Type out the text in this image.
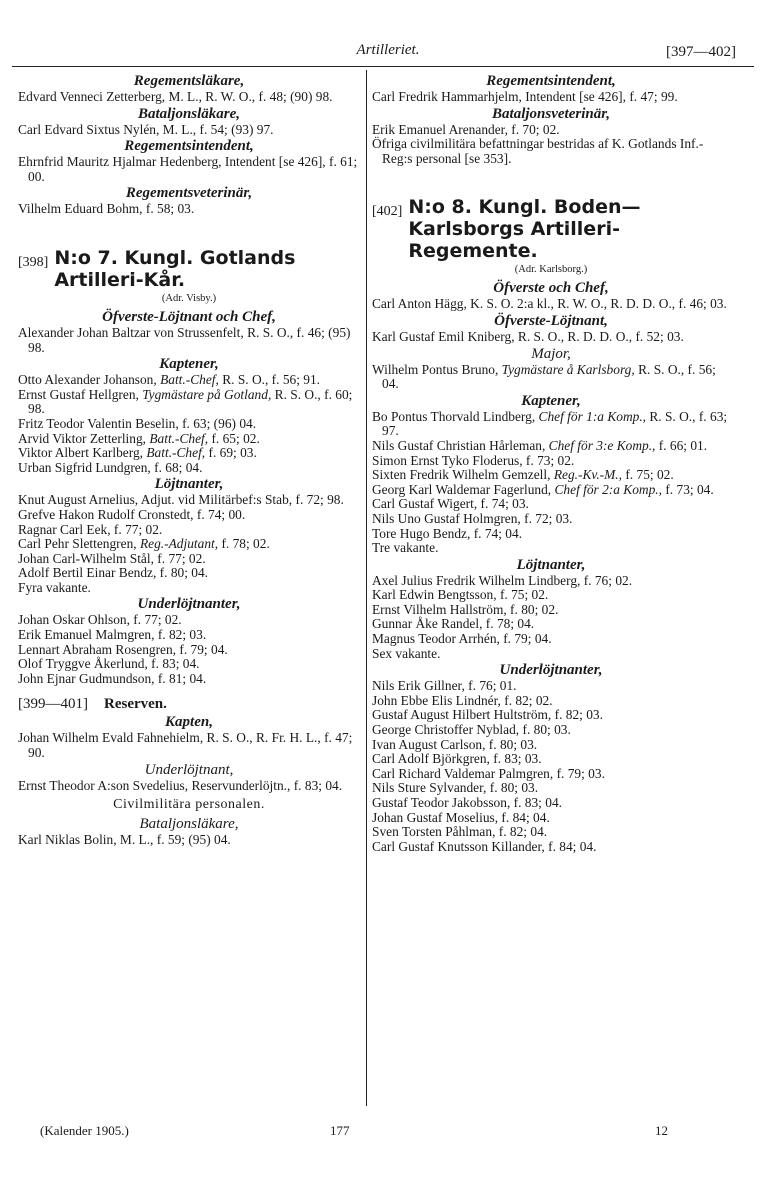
Artilleriet.	[397—402]
Regementsläkare,
Edvard Venneci Zetterberg, M. L., R. W. O., f. 48; (90) 98.
Bataljonsläkare,
Carl Edvard Sixtus Nylén, M. L., f. 54; (93) 97.
Regementsintendent,
Ehrnfrid Mauritz Hjalmar Hedenberg, Intendent [se 426], f. 61; 00.
Regementsveterinär,
Vilhelm Eduard Bohm, f. 58; 03.
[398] N:o 7. Kungl. Gotlands Artilleri-Kår.
(Adr. Visby.)
Öfverste-Löjtnant och Chef,
Alexander Johan Baltzar von Strussenfelt, R. S. O., f. 46; (95) 98.
Kaptener,
Otto Alexander Johanson, Batt.-Chef, R. S. O., f. 56; 91.
Ernst Gustaf Hellgren, Tygmästare på Gotland, R. S. O., f. 60; 98.
Fritz Teodor Valentin Beselin, f. 63; (96) 04.
Arvid Viktor Zetterling, Batt.-Chef, f. 65; 02.
Viktor Albert Karlberg, Batt.-Chef, f. 69; 03.
Urban Sigfrid Lundgren, f. 68; 04.
Löjtnanter,
Knut August Arnelius, Adjut. vid Militärbef:s Stab, f. 72; 98.
Grefve Hakon Rudolf Cronstedt, f. 74; 00.
Ragnar Carl Eek, f. 77; 02.
Carl Pehr Slettengren, Reg.-Adjutant, f. 78; 02.
Johan Carl-Wilhelm Stål, f. 77; 02.
Adolf Bertil Einar Bendz, f. 80; 04.
Fyra vakante.
Underlöjtnanter,
Johan Oskar Ohlson, f. 77; 02.
Erik Emanuel Malmgren, f. 82; 03.
Lennart Abraham Rosengren, f. 79; 04.
Olof Tryggve Åkerlund, f. 83; 04.
John Ejnar Gudmundson, f. 81; 04.
[399—401] Reserven.
Kapten,
Johan Wilhelm Evald Fahnehielm, R. S. O., R. Fr. H. L., f. 47; 90.
Underlöjtnant,
Ernst Theodor A:son Svedelius, Reservunderlöjtn., f. 83; 04.
Civilmilitära personalen.
Bataljonsläkare,
Karl Niklas Bolin, M. L., f. 59; (95) 04.
Regementsintendent,
Carl Fredrik Hammarhjelm, Intendent [se 426], f. 47; 99.
Bataljonsveterinär,
Erik Emanuel Arenander, f. 70; 02.
Öfriga civilmilitära befattningar bestridas af K. Gotlands Inf.-Reg:s personal [se 353].
[402] N:o 8. Kungl. Boden—Karlsborgs Artilleri-Regemente.
(Adr. Karlsborg.)
Öfverste och Chef,
Carl Anton Hägg, K. S. O. 2:a kl., R. W. O., R. D. D. O., f. 46; 03.
Öfverste-Löjtnant,
Karl Gustaf Emil Kniberg, R. S. O., R. D. D. O., f. 52; 03.
Major,
Wilhelm Pontus Bruno, Tygmästare å Karlsborg, R. S. O., f. 56; 04.
Kaptener,
Bo Pontus Thorvald Lindberg, Chef för 1:a Komp., R. S. O., f. 63; 97.
Nils Gustaf Christian Hårleman, Chef för 3:e Komp., f. 66; 01.
Simon Ernst Tyko Floderus, f. 73; 02.
Sixten Fredrik Wilhelm Gemzell, Reg.-Kv.-M., f. 75; 02.
Georg Karl Waldemar Fagerlund, Chef för 2:a Komp., f. 73; 04.
Carl Gustaf Wigert, f. 74; 03.
Nils Uno Gustaf Holmgren, f. 72; 03.
Tore Hugo Bendz, f. 74; 04.
Tre vakante.
Löjtnanter,
Axel Julius Fredrik Wilhelm Lindberg, f. 76; 02.
Karl Edwin Bengtsson, f. 75; 02.
Ernst Vilhelm Hallström, f. 80; 02.
Gunnar Åke Randel, f. 78; 04.
Magnus Teodor Arrhén, f. 79; 04.
Sex vakante.
Underlöjtnanter,
Nils Erik Gillner, f. 76; 01.
John Ebbe Elis Lindnér, f. 82; 02.
Gustaf August Hilbert Hultström, f. 82; 03.
George Christoffer Nyblad, f. 80; 03.
Ivan August Carlson, f. 80; 03.
Carl Adolf Björkgren, f. 83; 03.
Carl Richard Valdemar Palmgren, f. 79; 03.
Nils Sture Sylvander, f. 80; 03.
Gustaf Teodor Jakobsson, f. 83; 04.
Johan Gustaf Moselius, f. 84; 04.
Sven Torsten Påhlman, f. 82; 04.
Carl Gustaf Knutsson Killander, f. 84; 04.
(Kalender 1905.)	177	12
